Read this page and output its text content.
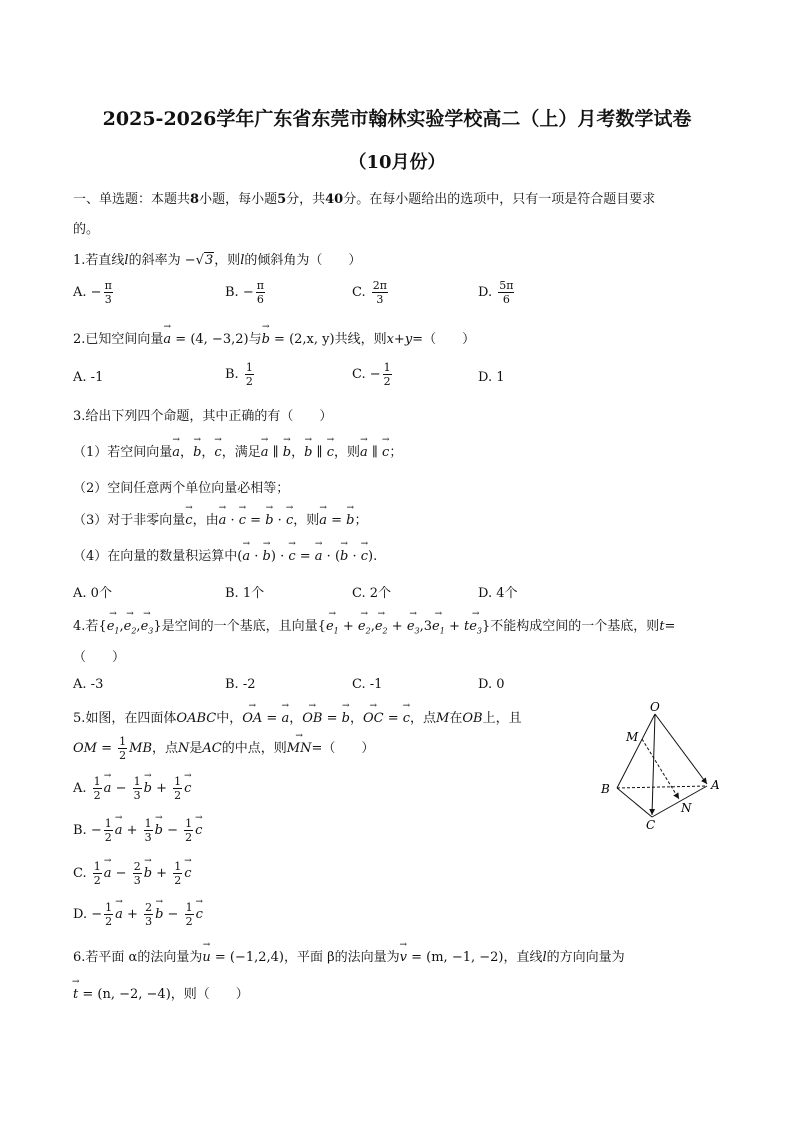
2025-2026学年广东省东莞市翰林实验学校高二（上）月考数学试卷
（10月份）
一、单选题：本题共8小题，每小题5分，共40分。在每小题给出的选项中，只有一项是符合题目要求
的。
1.若直线l的斜率为 −√3，则l的倾斜角为（　　）
A. − $\frac{\pi}{3}$	B. − $\frac{\pi}{6}$	C. $\frac{2\pi}{3}$	D. $\frac{5\pi}{6}$
2.已知空间向量→ a = (4, −3,2)与→ b = (2,x, y)共线，则x+y=（　　）
A. -1	B. $\frac{1}{2}$	C. − $\frac{1}{2}$	D. 1
3.给出下列四个命题，其中正确的有（　　）
（1）若空间向量→ a，→ b，→ c，满足→ a ∥ → b，→ b ∥ → c，则→ a ∥ → c；
（2）空间任意两个单位向量必相等；
（3）对于非零向量→ c，由→ a · → c = → b · → c，则→ a = → b；
（4）在向量的数量积运算中(→ a · → b) · → c = → a · (→ b · → c).
A. 0个	B. 1个	C. 2个	D. 4个
4.若{→ $e_1,\to e_2,\to e_3$}是空间的一个基底，且向量{→ $e_1$ + → $e_2,\to e_2$ + → $e_3,3\to e_1 + t\to e_3$}不能构成空间的一个基底，则t=
（　　）
A. -3	B. -2	C. -1	D. 0
5.如图，在四面体OABC中，→ OA = → a，→ OB = → b，→ OC = → c，点M在OB上，且
OM = $\frac{1}{2}$ MB，点N是AC的中点，则→ MN=（　　）
A. $\frac{1}{2}$
→ $a - \frac{1}{3}$
→ $b + \frac{1}{2}$
→ c
B. − $\frac{1}{2}$
→ $a + \frac{1}{3}$
→ $b - \frac{1}{2}$
→ c
C. $\frac{1}{2}$
→ $a - \frac{2}{3}$
→ $b + \frac{1}{2}$
→ c
D. − $\frac{1}{2}$
→ $a + \frac{2}{3}$
→ $b - \frac{1}{2}$
→ c
O
M
B	A
C
N
6.若平面 α的法向量为→ u = (−1,2,4)，平面 β的法向量为→ v = (m, −1, −2)，直线l的方向向量为
→ t = (n, −2, −4)，则（　　）
